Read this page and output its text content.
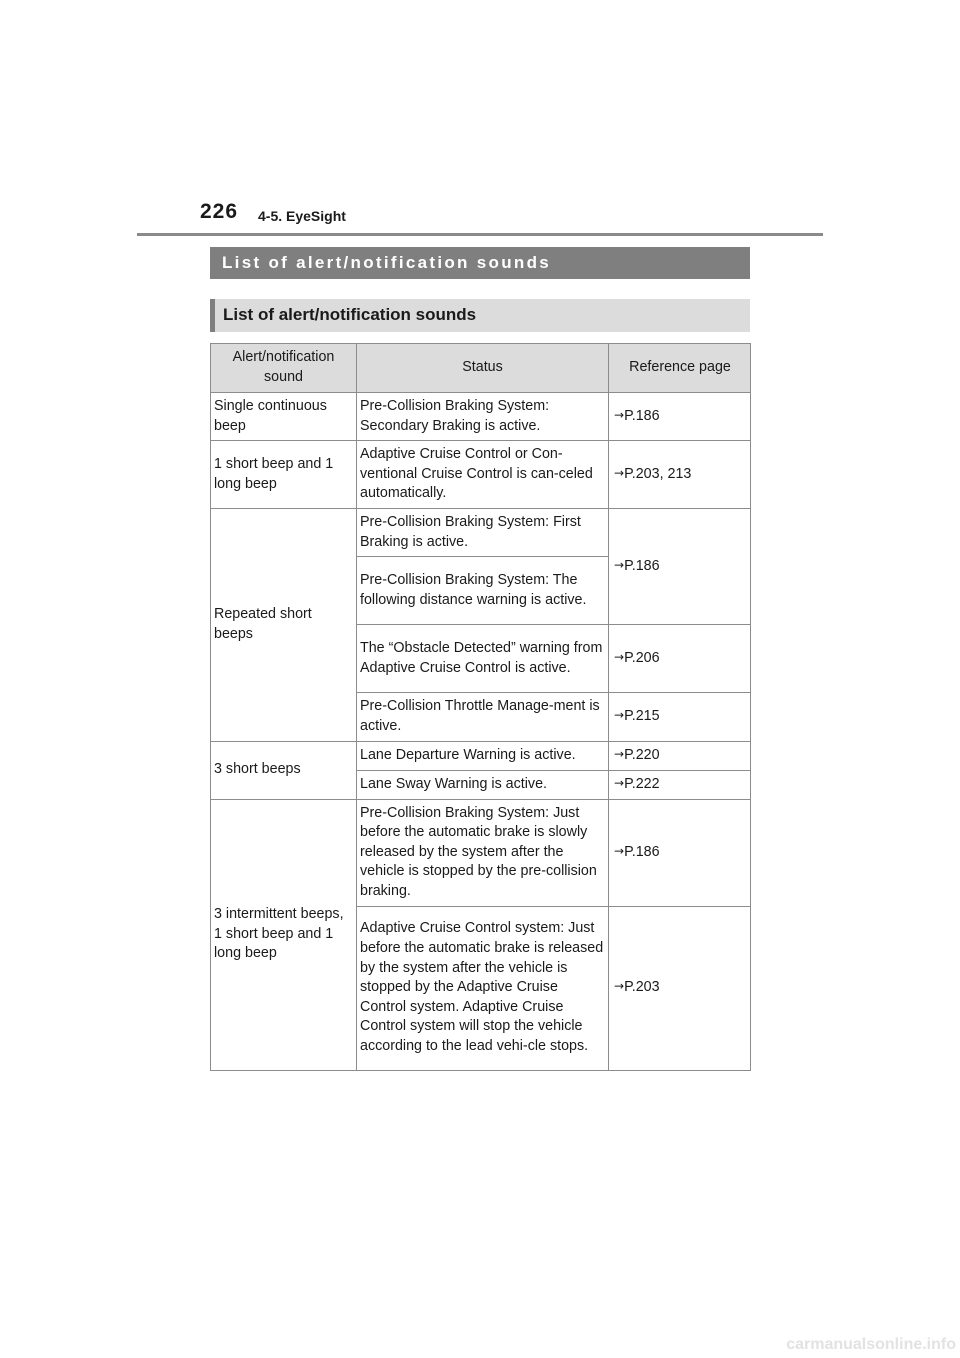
226 4-5. EyeSight
List of alert/notification sounds
List of alert/notification sounds
Alert/notification sound	Status	Reference page
Single continuous beep	Pre-Collision Braking System: Secondary Braking is active.	→P.186
1 short beep and 1 long beep	Adaptive Cruise Control or Con-ventional Cruise Control is can-celed automatically.	→P.203, 213
Repeated short beeps	Pre-Collision Braking System: First Braking is active.	→P.186
	Pre-Collision Braking System: The following distance warning is active.	
	The “Obstacle Detected” warning from Adaptive Cruise Control is active.	→P.206
	Pre-Collision Throttle Manage-ment is active.	→P.215
3 short beeps	Lane Departure Warning is active.	→P.220
	Lane Sway Warning is active.	→P.222
3 intermittent beeps, 1 short beep and 1 long beep	Pre-Collision Braking System: Just before the automatic brake is slowly released by the system after the vehicle is stopped by the pre-collision braking.	→P.186
	Adaptive Cruise Control system: Just before the automatic brake is released by the system after the vehicle is stopped by the Adaptive Cruise Control system. Adaptive Cruise Control system will stop the vehicle according to the lead vehi-cle stops.	→P.203
carmanualsonline.info
